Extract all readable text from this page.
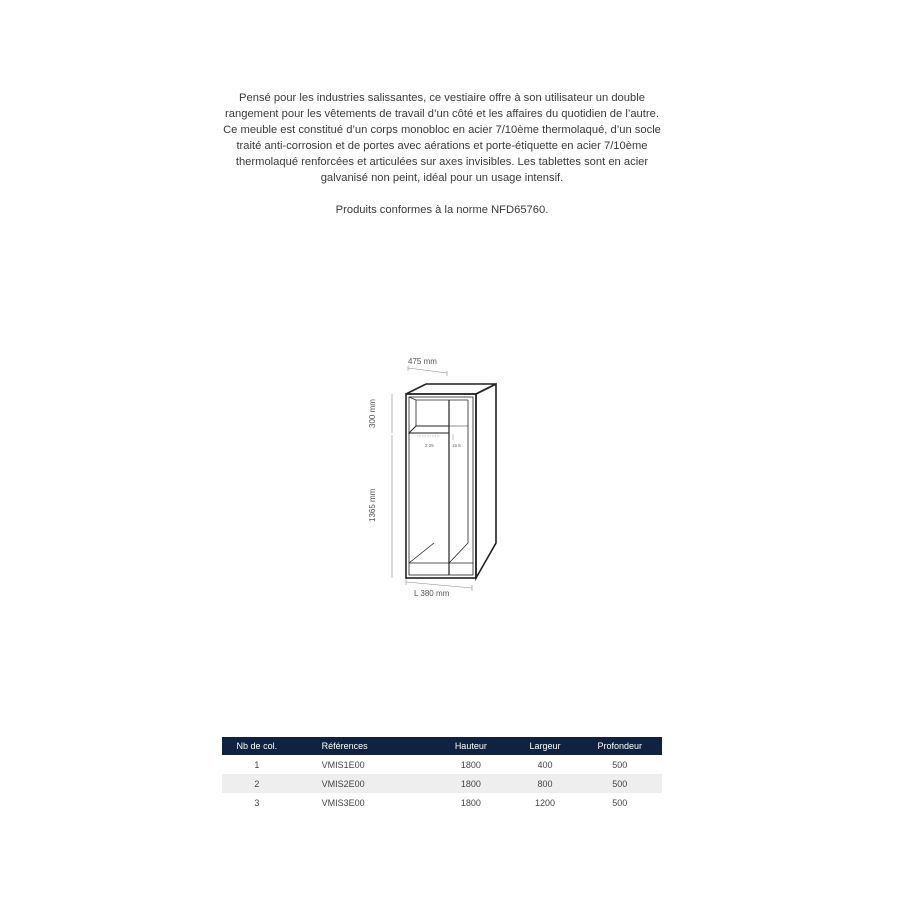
Pensé pour les industries salissantes, ce vestiaire offre à son utilisateur un double rangement pour les vêtements de travail d’un côté et les affaires du quotidien de l’autre.

Ce meuble est constitué d’un corps monobloc en acier 7/10ème thermolaqué, d’un socle traité anti-corrosion et de portes avec aérations et porte-étiquette en acier 7/10ème thermolaqué renforcées et articulées sur axes invisibles. Les tablettes sont en acier galvanisé non peint, idéal pour un usage intensif.

Produits conformes à la norme NFD65760.

475 mm
2 25	15 5
300 mm
1365 mm
L 380 mm
Nb de col.	Références	Hauteur	Largeur	Profondeur
1	VMIS1E00	1800	400	500
2	VMIS2E00	1800	800	500
3	VMIS3E00	1800	1200	500
